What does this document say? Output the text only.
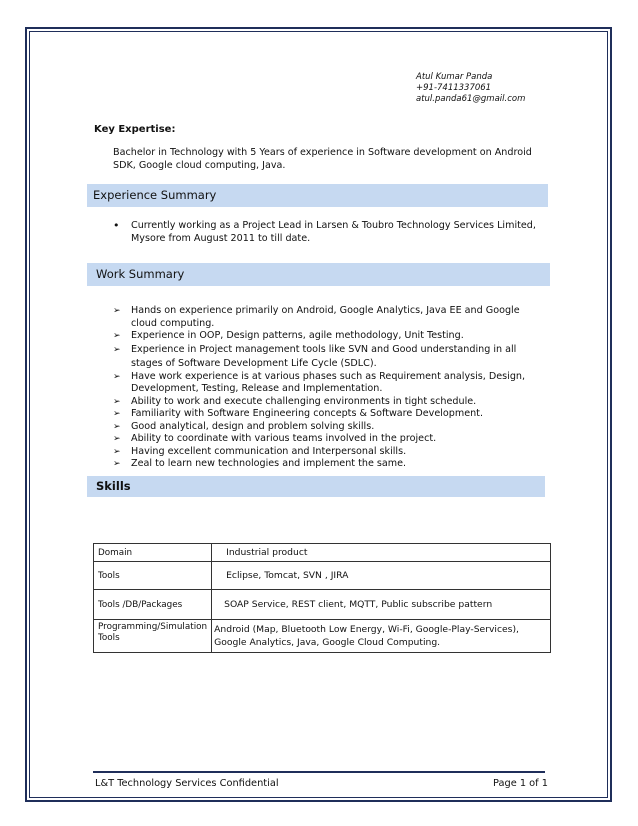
Atul Kumar Panda
+91-7411337061
atul.panda61@gmail.com
Key Expertise:
Bachelor in Technology with 5 Years of experience in Software development on Android SDK, Google cloud computing, Java.
Experience Summary
•	Currently working as a Project Lead in Larsen & Toubro Technology Services Limited, Mysore from August 2011 to till date.
Work Summary
➢	Hands on experience primarily on Android, Google Analytics, Java EE and Google cloud computing.
➢	Experience in OOP, Design patterns, agile methodology, Unit Testing.
➢	Experience in Project management tools like SVN and Good understanding in all stages of Software Development Life Cycle (SDLC).
➢	Have work experience is at various phases such as Requirement analysis, Design, Development, Testing, Release and Implementation.
➢	Ability to work and execute challenging environments in tight schedule.
➢	Familiarity with Software Engineering concepts & Software Development.
➢	Good analytical, design and problem solving skills.
➢	Ability to coordinate with various teams involved in the project.
➢	Having excellent communication and Interpersonal skills.
➢	Zeal to learn new technologies and implement the same.
Skills
Domain	Industrial product
Tools	Eclipse, Tomcat, SVN , JIRA
Tools /DB/Packages	SOAP Service, REST client, MQTT, Public subscribe pattern
Programming/Simulation Tools	Android (Map, Bluetooth Low Energy, Wi-Fi, Google-Play-Services), Google Analytics, Java, Google Cloud Computing.
L&T Technology Services Confidential	Page 1 of 1
